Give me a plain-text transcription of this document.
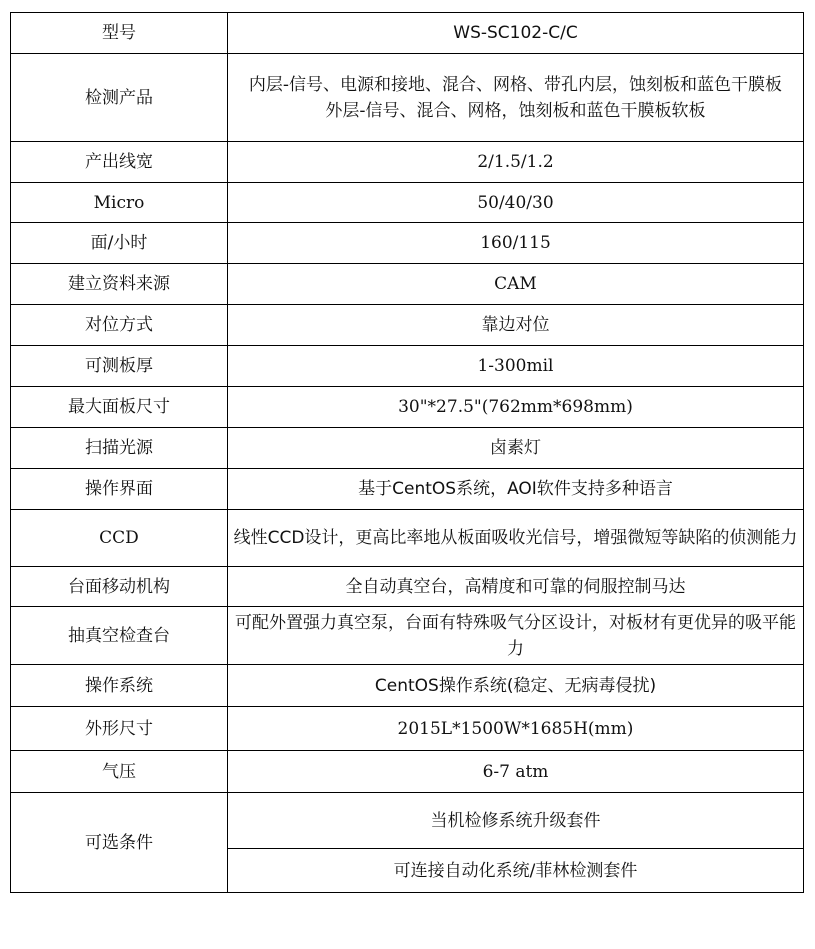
型号	WS-SC102-C/C
检测产品	内层-信号、电源和接地、混合、网格、带孔内层，蚀刻板和蓝色干膜板
外层-信号、混合、网格，蚀刻板和蓝色干膜板软板

产出线宽	2/1.5/1.2
Micro	50/40/30
面/小时	160/115
建立资料来源	CAM
对位方式	靠边对位
可测板厚	1-300mil
最大面板尺寸	30"*27.5"(762mm*698mm)
扫描光源	卤素灯
操作界面	基于CentOS系统，AOI软件支持多种语言
CCD	线性CCD设计，更高比率地从板面吸收光信号，增强微短等缺陷的侦测能力
台面移动机构	全自动真空台，高精度和可靠的伺服控制马达
抽真空检查台	可配外置强力真空泵，台面有特殊吸气分区设计，对板材有更优异的吸平能力
操作系统	CentOS操作系统(稳定、无病毒侵扰)
外形尺寸	2015L*1500W*1685H(mm)
气压	6-7 atm
可选条件	当机检修系统升级套件
	可连接自动化系统/菲林检测套件
